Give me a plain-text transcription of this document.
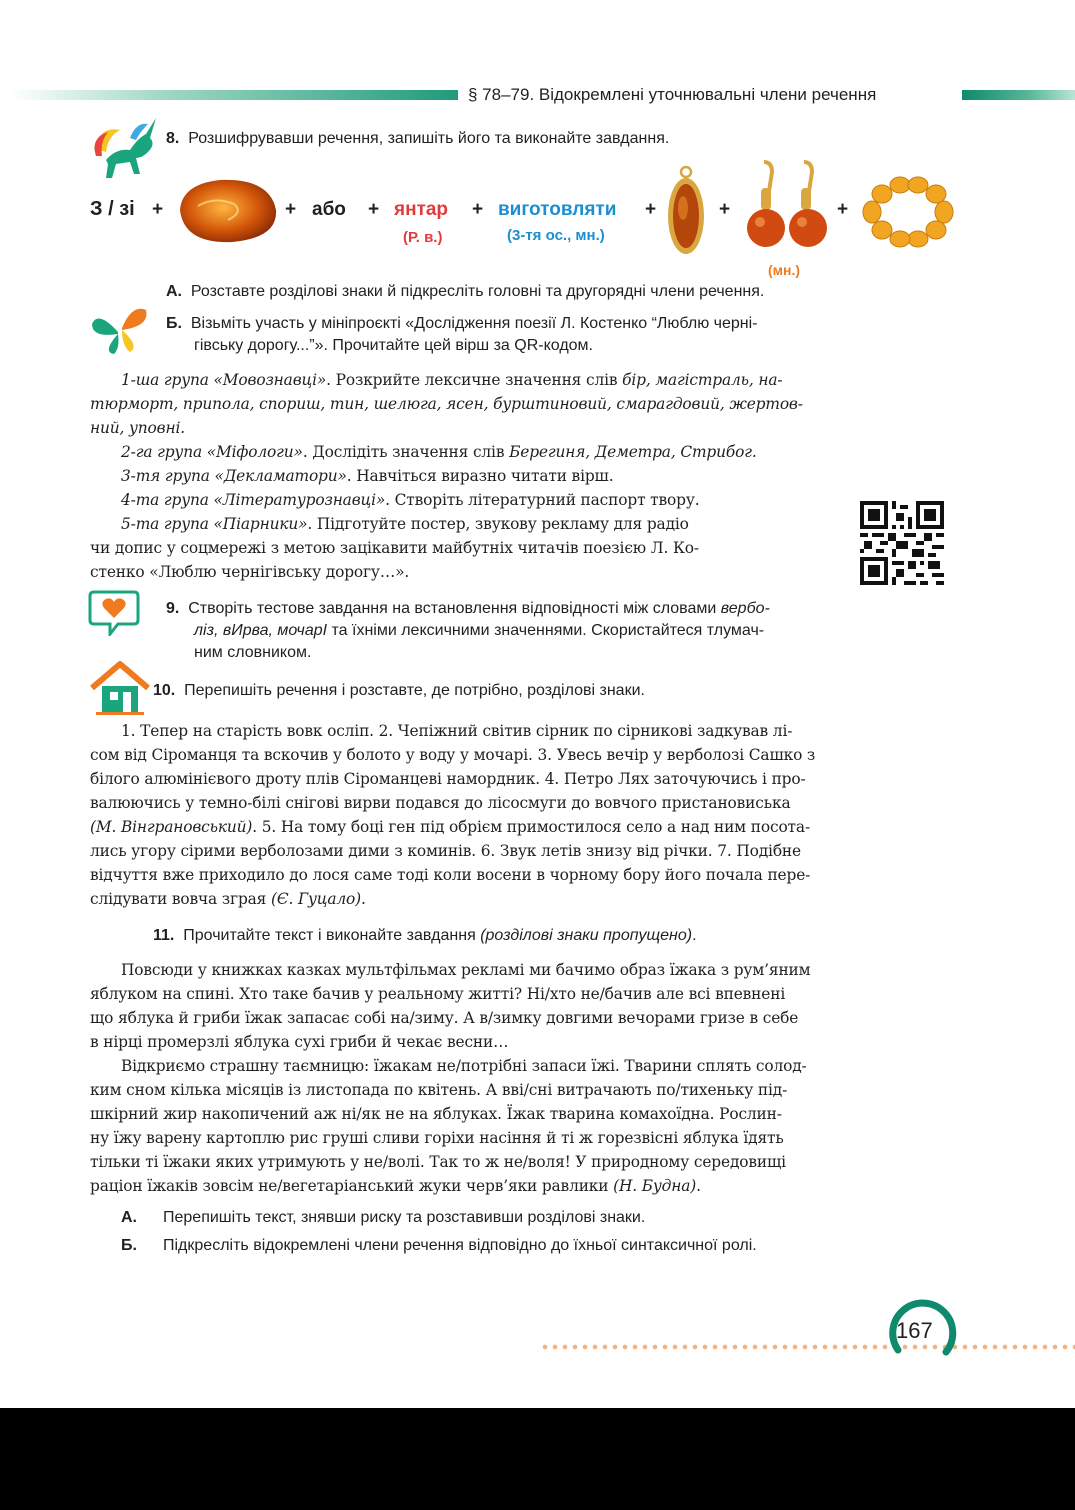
§ 78–79. Відокремлені уточнювальні члени речення
8. Розшифрувавши речення, запишіть його та виконайте завдання.
З / зі +	+ або + янтар
(Р. в.)
+ виготовляти
(3-тя ос., мн.)
+	+
(мн.)
+
А. Розставте розділові знаки й підкресліть головні та другорядні члени речення.
Б. Візьміть участь у мініпроєкті «Дослідження поезії Л. Костенко “Люблю черні-
гівську дорогу...”». Прочитайте цей вірш за QR-кодом.
1-ша група «Мовознавці». Розкрийте лексичне значення слів бір, магістраль, на-
тюрморт, припола, спориш, тин, шелюга, ясен, бурштиновий, смарагдовий, жертов-
ний, уповні.
2-га група «Міфологи». Дослідіть значення слів Берегиня, Деметра, Стрибог.
3-тя група «Декламатори». Навчіться виразно читати вірш.
4-та група «Літературознавці». Створіть літературний паспорт твору.
5-та група «Піарники». Підготуйте постер, звукову рекламу для радіо
чи допис у соцмережі з метою зацікавити майбутніх читачів поезією Л. Ко-
стенко «Люблю чернігівську дорогу…».
9. Створіть тестове завдання на встановлення відповідності між словами вербо-
ліз, вИрва, мочарІ та їхніми лексичними значеннями. Скористайтеся тлумач-
ним словником.
10. Перепишіть речення і розставте, де потрібно, розділові знаки.
1. Тепер на старість вовк осліп. 2. Чепіжний світив сірник по сірникові задкував лі-
сом від Сіроманця та вскочив у болото у воду у мочарі. 3. Увесь вечір у верболозі Сашко з
білого алюмінієвого дроту плів Сіроманцеві намордник. 4. Петро Лях заточуючись і про-
валюючись у темно-білі снігові вирви подався до лісосмуги до вовчого пристановиська
(М. Вінграновський). 5. На тому боці ген під обрієм примостилося село а над ним посота-
лись угору сірими верболозами дими з коминів. 6. Звук летів знизу від річки. 7. Подібне
відчуття вже приходило до лося саме тоді коли восени в чорному бору його почала пере-
слідувати вовча зграя (Є. Гуцало).
11. Прочитайте текст і виконайте завдання (розділові знаки пропущено).
Повсюди у книжках казках мультфільмах рекламі ми бачимо образ їжака з рум’яним
яблуком на спині. Хто таке бачив у реальному житті? Ні/хто не/бачив але всі впевнені
що яблука й гриби їжак запасає собі на/зиму. А в/зимку довгими вечорами гризе в себе
в нірці промерзлі яблука сухі гриби й чекає весни…
Відкриємо страшну таємницю: їжакам не/потрібні запаси їжі. Тварини сплять солод-
ким сном кілька місяців із листопада по квітень. А вві/сні витрачають по/тихеньку під-
шкірний жир накопичений аж ні/як не на яблуках. Їжак тварина комахоїдна. Рослин-
ну їжу варену картоплю рис груші сливи горіхи насіння й ті ж горезвісні яблука їдять
тільки ті їжаки яких утримують у не/волі. Так то ж не/воля! У природному середовищі
раціон їжаків зовсім не/вегетаріанський жуки черв’яки равлики (Н. Будна).
А. Перепишіть текст, знявши риску та розставивши розділові знаки.
Б. Підкресліть відокремлені члени речення відповідно до їхньої синтаксичної ролі.
167
